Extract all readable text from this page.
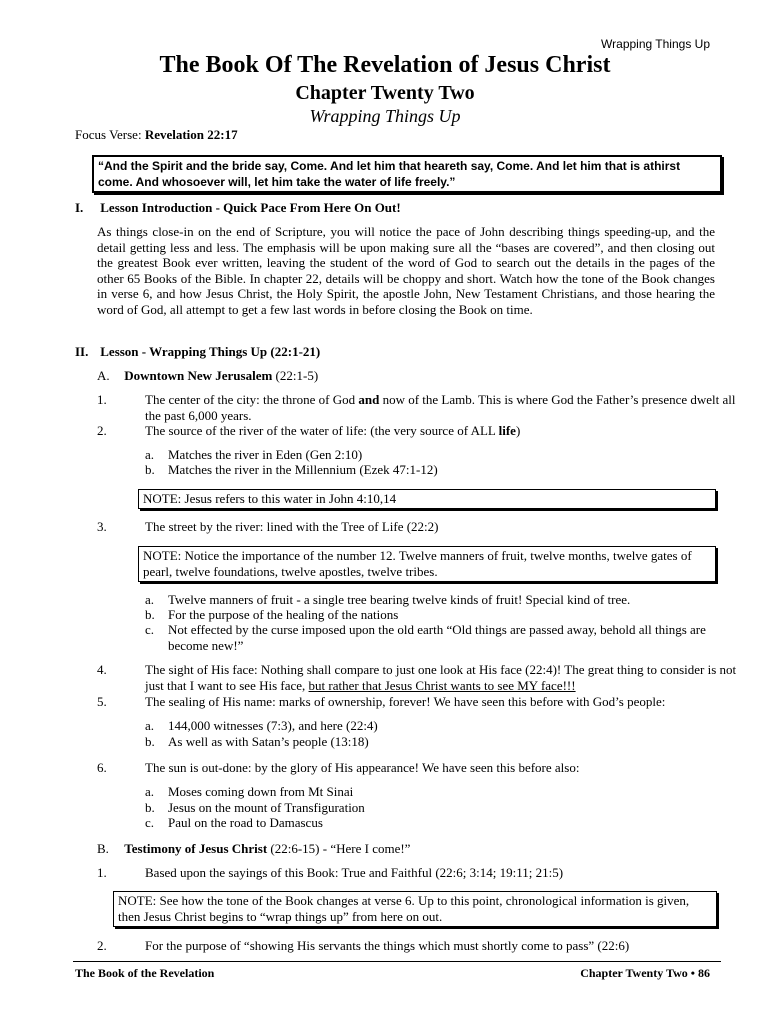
Wrapping Things Up
The Book Of The Revelation of Jesus Christ
Chapter Twenty Two
Wrapping Things Up
Focus Verse: Revelation 22:17
“And the Spirit and the bride say, Come. And let him that heareth say, Come. And let him that is athirst come. And whosoever will, let him take the water of life freely.”
I. Lesson Introduction - Quick Pace From Here On Out!
As things close-in on the end of Scripture, you will notice the pace of John describing things speeding-up, and the detail getting less and less. The emphasis will be upon making sure all the “bases are covered”, and then closing out the greatest Book ever written, leaving the student of the word of God to search out the details in the pages of the other 65 Books of the Bible. In chapter 22, details will be choppy and short. Watch how the tone of the Book changes in verse 6, and how Jesus Christ, the Holy Spirit, the apostle John, New Testament Christians, and those hearing the word of God, all attempt to get a few last words in before closing the Book on time.
II. Lesson - Wrapping Things Up (22:1-21)
A. Downtown New Jerusalem (22:1-5)
1.	The center of the city: the throne of God and now of the Lamb. This is where God the Father’s presence dwelt all the past 6,000 years.
2.	The source of the river of the water of life: (the very source of ALL life)
a. Matches the river in Eden (Gen 2:10)
b. Matches the river in the Millennium (Ezek 47:1-12)
NOTE: Jesus refers to this water in John 4:10,14
3.	The street by the river: lined with the Tree of Life (22:2)
NOTE: Notice the importance of the number 12. Twelve manners of fruit, twelve months, twelve gates of pearl, twelve foundations, twelve apostles, twelve tribes.
a. Twelve manners of fruit - a single tree bearing twelve kinds of fruit! Special kind of tree.
b. For the purpose of the healing of the nations
c. Not effected by the curse imposed upon the old earth “Old things are passed away, behold all things are become new!”
4.	The sight of His face: Nothing shall compare to just one look at His face (22:4)! The great thing to consider is not just that I want to see His face, but rather that Jesus Christ wants to see MY face!!!
5.	The sealing of His name: marks of ownership, forever! We have seen this before with God’s people:
a. 144,000 witnesses (7:3), and here (22:4)
b. As well as with Satan’s people (13:18)
6.	The sun is out-done: by the glory of His appearance! We have seen this before also:
a. Moses coming down from Mt Sinai
b. Jesus on the mount of Transfiguration
c. Paul on the road to Damascus
B. Testimony of Jesus Christ (22:6-15) - “Here I come!”
1.	Based upon the sayings of this Book: True and Faithful (22:6; 3:14; 19:11; 21:5)
NOTE: See how the tone of the Book changes at verse 6. Up to this point, chronological information is given, then Jesus Christ begins to “wrap things up” from here on out.
2.	For the purpose of “showing His servants the things which must shortly come to pass” (22:6)
The Book of the Revelation	Chapter Twenty Two • 86
